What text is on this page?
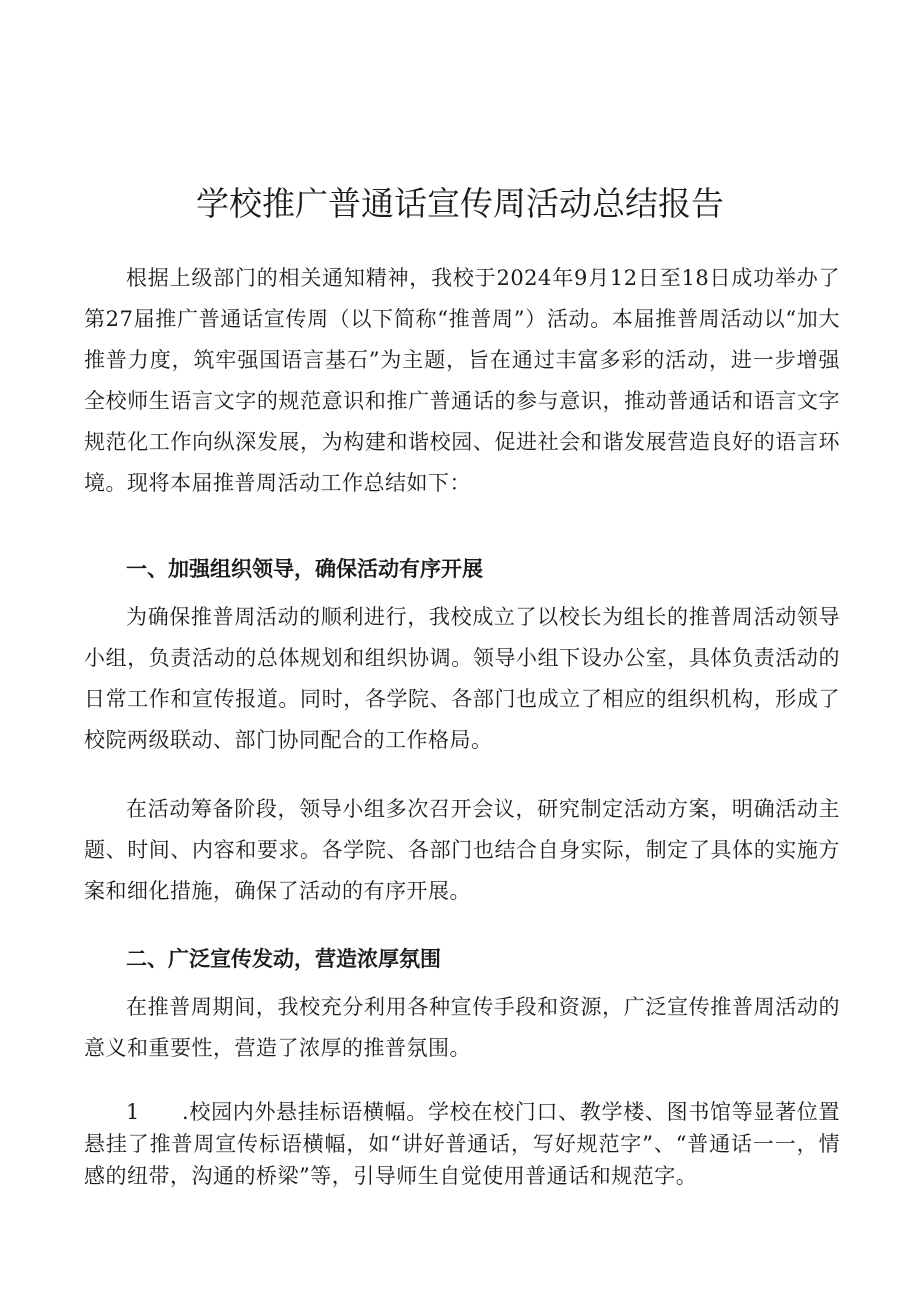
学校推广普通话宣传周活动总结报告

根据上级部门的相关通知精神，我校于2024年9月12日至18日成功举办了第27届推广普通话宣传周（以下简称“推普周”）活动。本届推普周活动以“加大推普力度，筑牢强国语言基石”为主题，旨在通过丰富多彩的活动，进一步增强全校师生语言文字的规范意识和推广普通话的参与意识，推动普通话和语言文字规范化工作向纵深发展，为构建和谐校园、促进社会和谐发展营造良好的语言环境。现将本届推普周活动工作总结如下：

一、加强组织领导，确保活动有序开展

为确保推普周活动的顺利进行，我校成立了以校长为组长的推普周活动领导小组，负责活动的总体规划和组织协调。领导小组下设办公室，具体负责活动的日常工作和宣传报道。同时，各学院、各部门也成立了相应的组织机构，形成了校院两级联动、部门协同配合的工作格局。

在活动筹备阶段，领导小组多次召开会议，研究制定活动方案，明确活动主题、时间、内容和要求。各学院、各部门也结合自身实际，制定了具体的实施方案和细化措施，确保了活动的有序开展。

二、广泛宣传发动，营造浓厚氛围

在推普周期间，我校充分利用各种宣传手段和资源，广泛宣传推普周活动的意义和重要性，营造了浓厚的推普氛围。

1 .校园内外悬挂标语横幅。学校在校门口、教学楼、图书馆等显著位置悬挂了推普周宣传标语横幅，如“讲好普通话，写好规范字”、“普通话一一，情感的纽带，沟通的桥梁”等，引导师生自觉使用普通话和规范字。
